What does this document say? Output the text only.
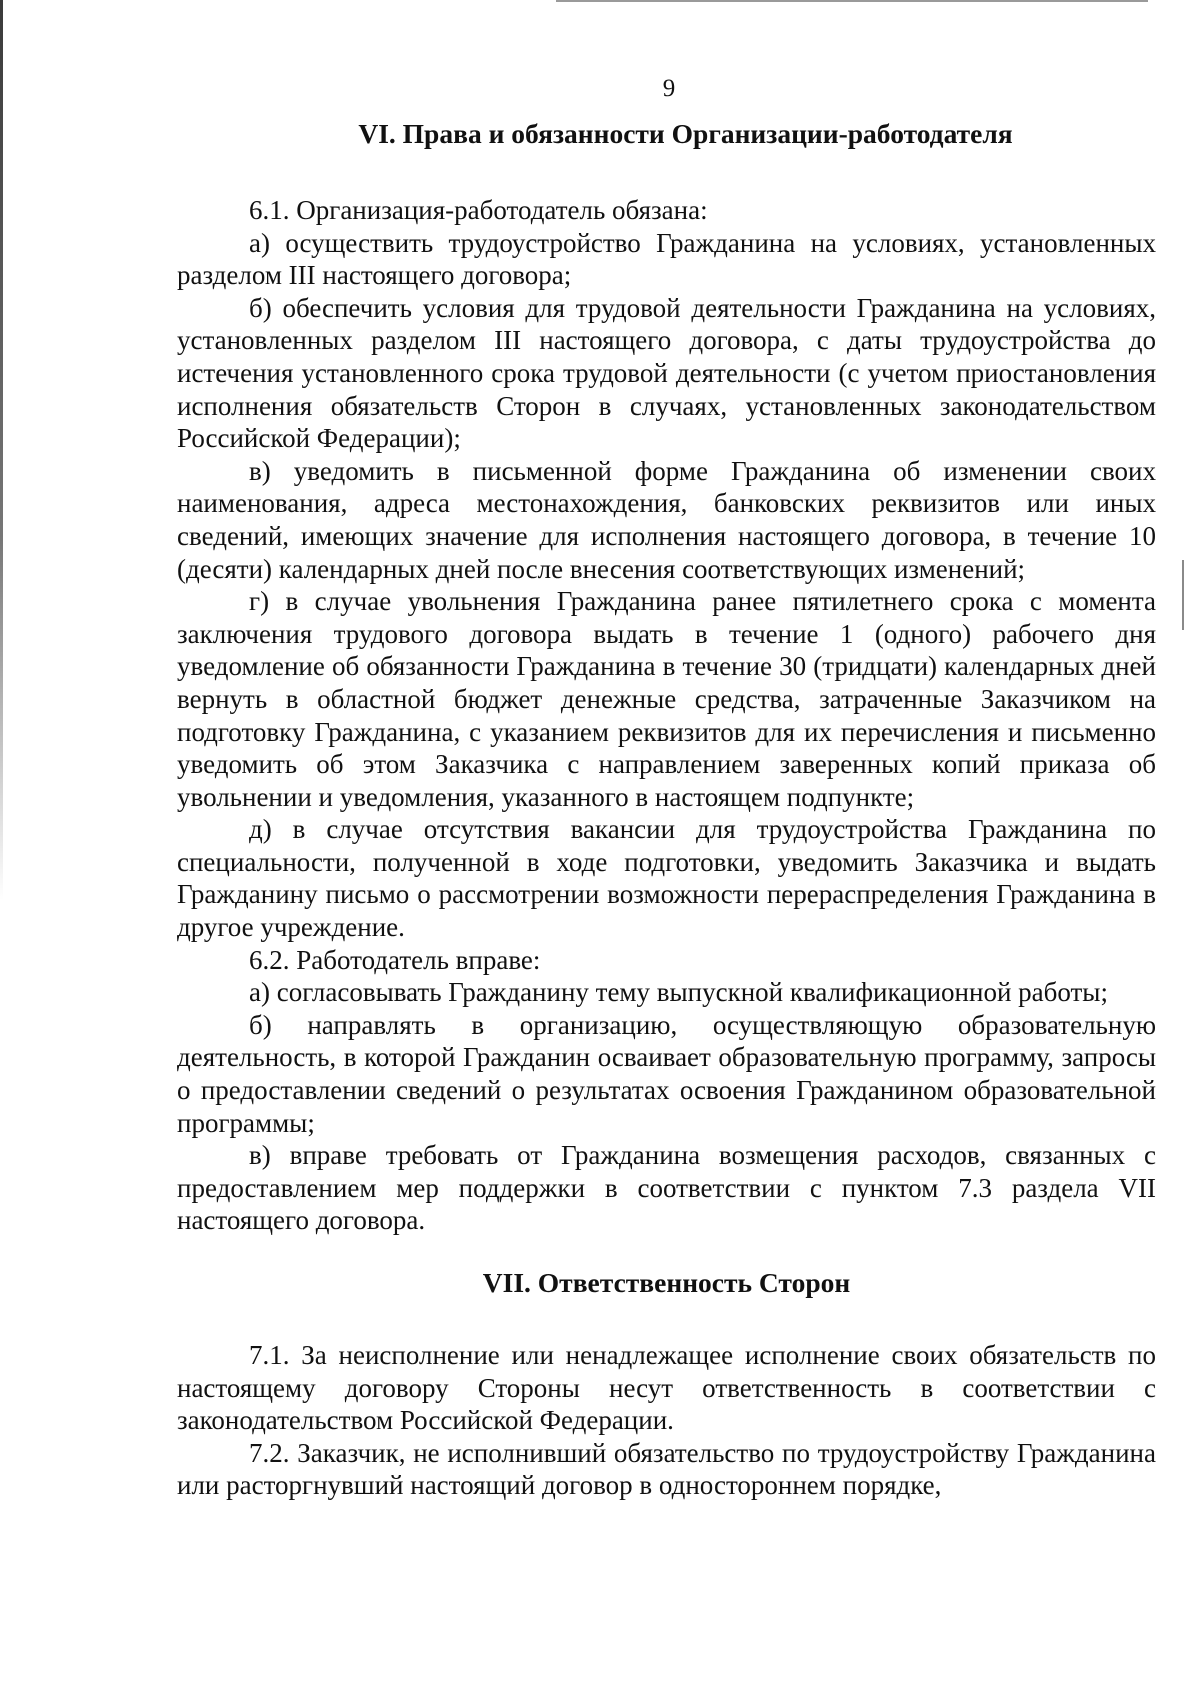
9

VI. Права и обязанности Организации-работодателя

6.1. Организация-работодатель обязана:

а) осуществить трудоустройство Гражданина на условиях, установленных разделом III настоящего договора;

б) обеспечить условия для трудовой деятельности Гражданина на условиях, установленных разделом III настоящего договора, с даты трудоустройства до истечения установленного срока трудовой деятельности (с учетом приостановления исполнения обязательств Сторон в случаях, установленных законодательством Российской Федерации);

в) уведомить в письменной форме Гражданина об изменении своих наименования, адреса местонахождения, банковских реквизитов или иных сведений, имеющих значение для исполнения настоящего договора, в течение 10 (десяти) календарных дней после внесения соответствующих изменений;

г) в случае увольнения Гражданина ранее пятилетнего срока с момента заключения трудового договора выдать в течение 1 (одного) рабочего дня уведомление об обязанности Гражданина в течение 30 (тридцати) календарных дней вернуть в областной бюджет денежные средства, затраченные Заказчиком на подготовку Гражданина, с указанием реквизитов для их перечисления и письменно уведомить об этом Заказчика с направлением заверенных копий приказа об увольнении и уведомления, указанного в настоящем подпункте;

д) в случае отсутствия вакансии для трудоустройства Гражданина по специальности, полученной в ходе подготовки, уведомить Заказчика и выдать Гражданину письмо о рассмотрении возможности перераспределения Гражданина в другое учреждение.

6.2. Работодатель вправе:

а) согласовывать Гражданину тему выпускной квалификационной работы;

б) направлять в организацию, осуществляющую образовательную деятельность, в которой Гражданин осваивает образовательную программу, запросы о предоставлении сведений о результатах освоения Гражданином образовательной программы;

в) вправе требовать от Гражданина возмещения расходов, связанных с предоставлением мер поддержки в соответствии с пунктом 7.3 раздела VII настоящего договора.

VII. Ответственность Сторон

7.1. За неисполнение или ненадлежащее исполнение своих обязательств по настоящему договору Стороны несут ответственность в соответствии с законодательством Российской Федерации.

7.2. Заказчик, не исполнивший обязательство по трудоустройству Гражданина или расторгнувший настоящий договор в одностороннем порядке,
